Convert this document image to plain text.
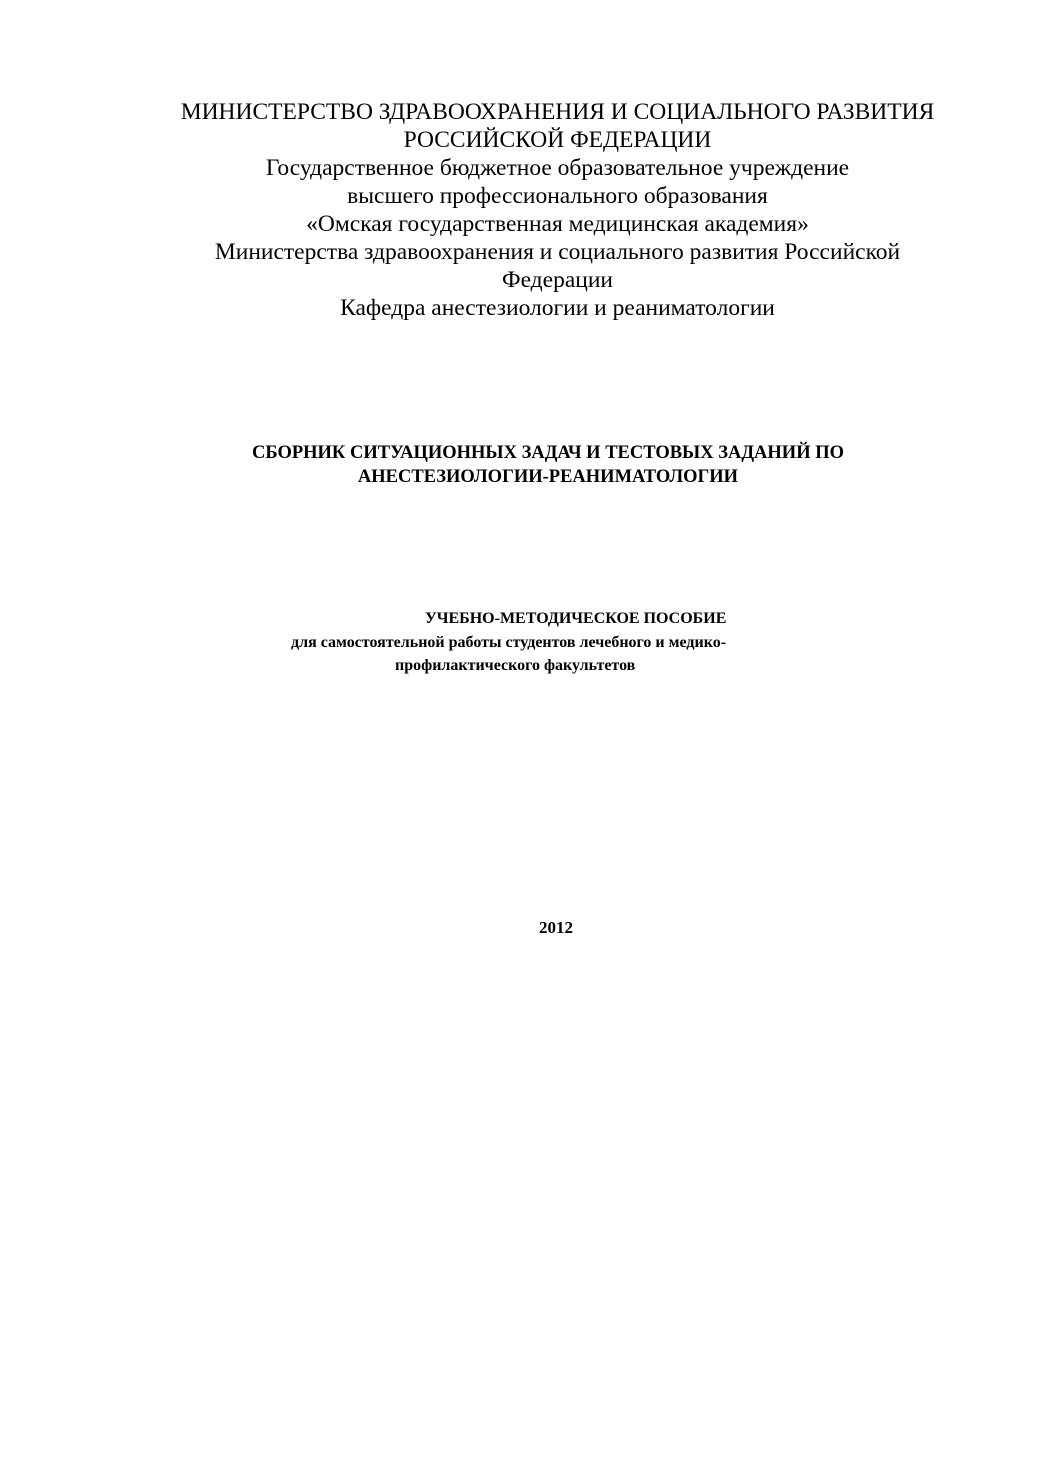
МИНИСТЕРСТВО ЗДРАВООХРАНЕНИЯ И СОЦИАЛЬНОГО РАЗВИТИЯ
РОССИЙСКОЙ ФЕДЕРАЦИИ
Государственное бюджетное образовательное учреждение
высшего профессионального образования
«Омская государственная медицинская академия»
Министерства здравоохранения и социального развития Российской
Федерации
Кафедра анестезиологии и реаниматологии
СБОРНИК СИТУАЦИОННЫХ ЗАДАЧ И ТЕСТОВЫХ ЗАДАНИЙ ПО
АНЕСТЕЗИОЛОГИИ-РЕАНИМАТОЛОГИИ
УЧЕБНО-МЕТОДИЧЕСКОЕ ПОСОБИЕ
для самостоятельной работы студентов лечебного и медико-
профилактического факультетов
2012
